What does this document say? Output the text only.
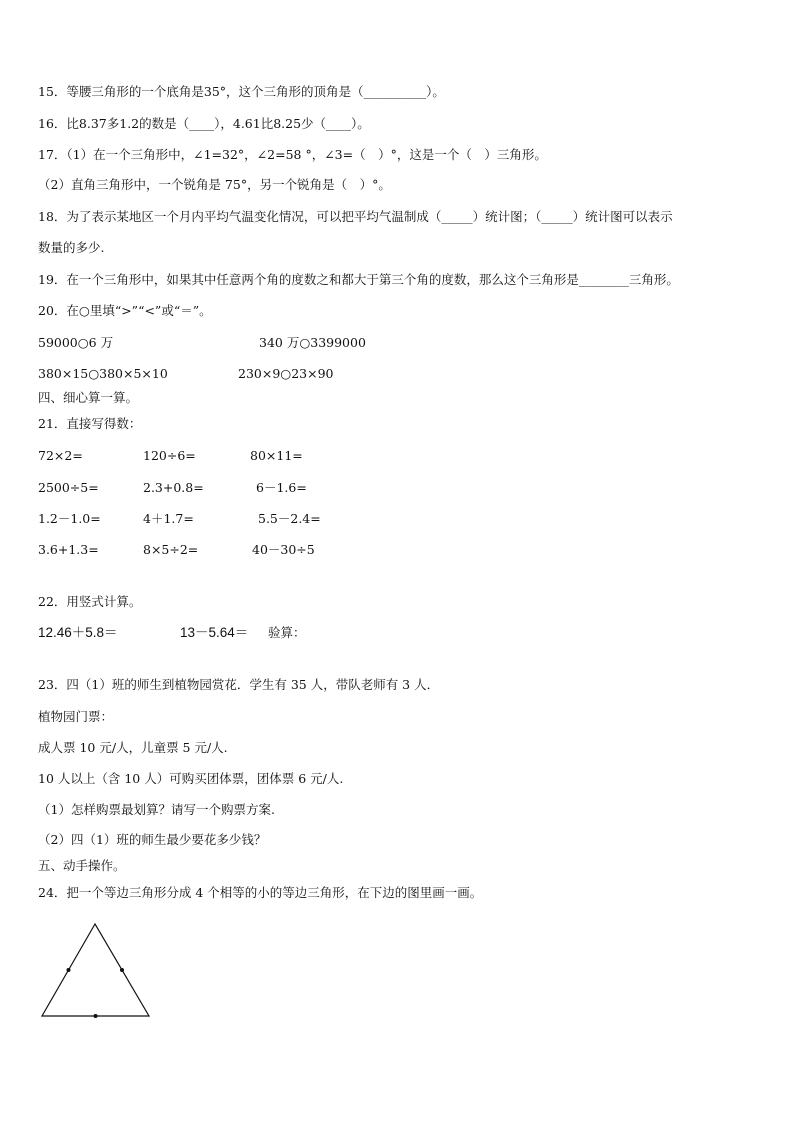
15．等腰三角形的一个底角是35°，这个三角形的顶角是（__________）。
16．比8.37多1.2的数是（____），4.61比8.25少（____）。
17．（1）在一个三角形中，∠1=32°，∠2=58 °，∠3=（　）°，这是一个（　）三角形。
（2）直角三角形中，一个锐角是 75°，另一个锐角是（　）°。
18．为了表示某地区一个月内平均气温变化情况，可以把平均气温制成（_____）统计图；（_____）统计图可以表示
数量的多少.
19．在一个三角形中，如果其中任意两个角的度数之和都大于第三个角的度数，那么这个三角形是________三角形。
20．在○里填“>”“<”或“＝”。
59000○6 万	340 万○3399000
380×15○380×5×10	230×9○23×90
四、细心算一算。
21．直接写得数：
72×2=	120÷6=	80×11=
2500÷5=	2.3+0.8=	6－1.6=
1.2－1.0=	4＋1.7=	5.5－2.4=
3.6+1.3=	8×5÷2=	40－30÷5
22．用竖式计算。
12.46＋5.8＝	13－5.64＝ 验算：
23．四（1）班的师生到植物园赏花．学生有 35 人，带队老师有 3 人．
植物园门票：
成人票 10 元/人，儿童票 5 元/人.
10 人以上（含 10 人）可购买团体票，团体票 6 元/人.
（1）怎样购票最划算？请写一个购票方案.
（2）四（1）班的师生最少要花多少钱？
五、动手操作。
24．把一个等边三角形分成 4 个相等的小的等边三角形，在下边的图里画一画。
